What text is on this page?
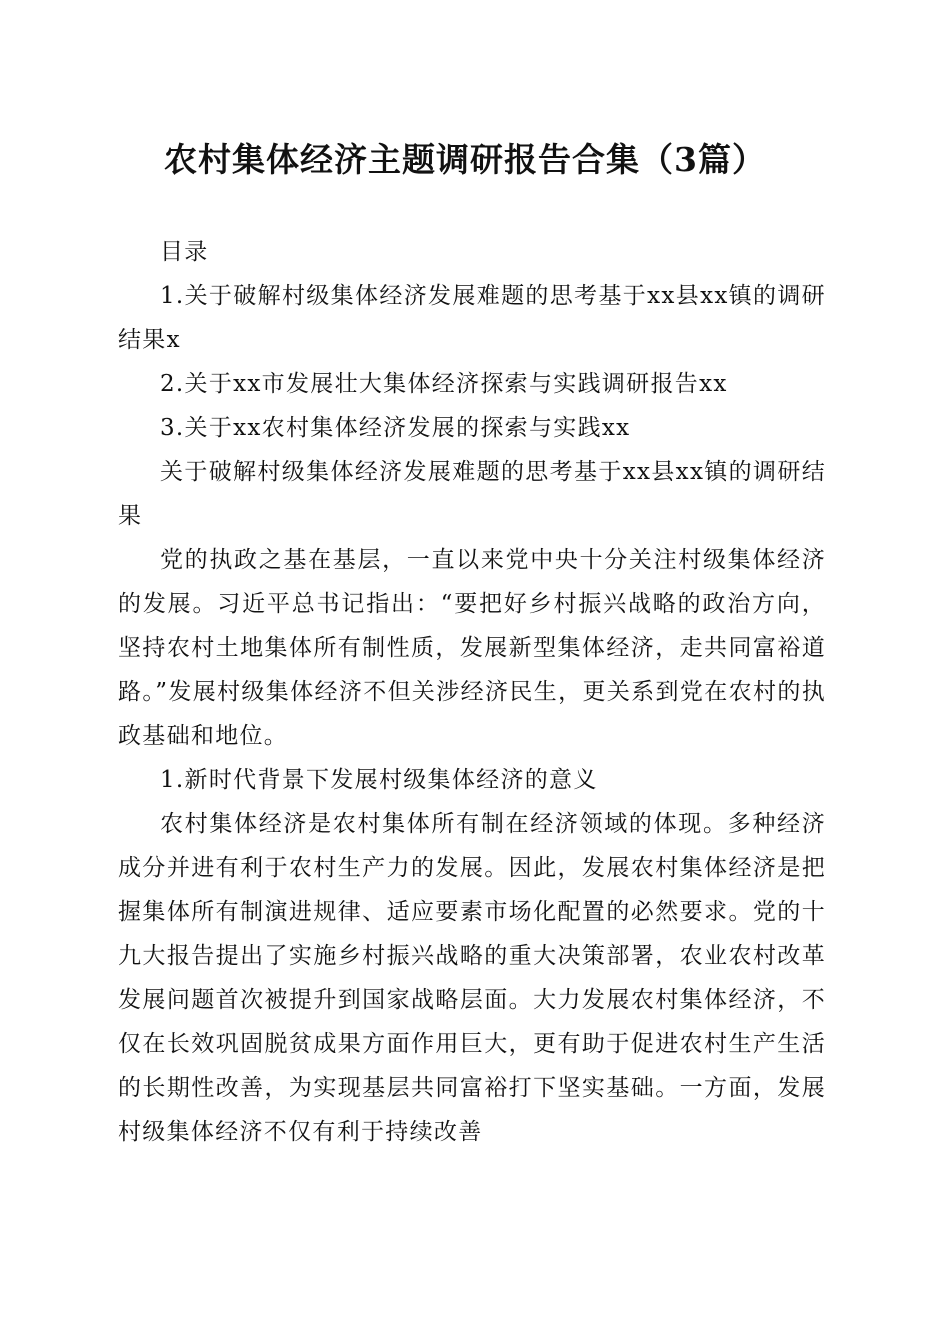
农村集体经济主题调研报告合集（3篇）

目录

1.关于破解村级集体经济发展难题的思考基于xx县xx镇的调研结果x

2.关于xx市发展壮大集体经济探索与实践调研报告xx

3.关于xx农村集体经济发展的探索与实践xx

关于破解村级集体经济发展难题的思考基于xx县xx镇的调研结果

党的执政之基在基层，一直以来党中央十分关注村级集体经济的发展。习近平总书记指出：“要把好乡村振兴战略的政治方向，坚持农村土地集体所有制性质，发展新型集体经济，走共同富裕道路。”发展村级集体经济不但关涉经济民生，更关系到党在农村的执政基础和地位。

1.新时代背景下发展村级集体经济的意义

农村集体经济是农村集体所有制在经济领域的体现。多种经济成分并进有利于农村生产力的发展。因此，发展农村集体经济是把握集体所有制演进规律、适应要素市场化配置的必然要求。党的十九大报告提出了实施乡村振兴战略的重大决策部署，农业农村改革发展问题首次被提升到国家战略层面。大力发展农村集体经济，不仅在长效巩固脱贫成果方面作用巨大，更有助于促进农村生产生活的长期性改善，为实现基层共同富裕打下坚实基础。一方面，发展村级集体经济不仅有利于持续改善
